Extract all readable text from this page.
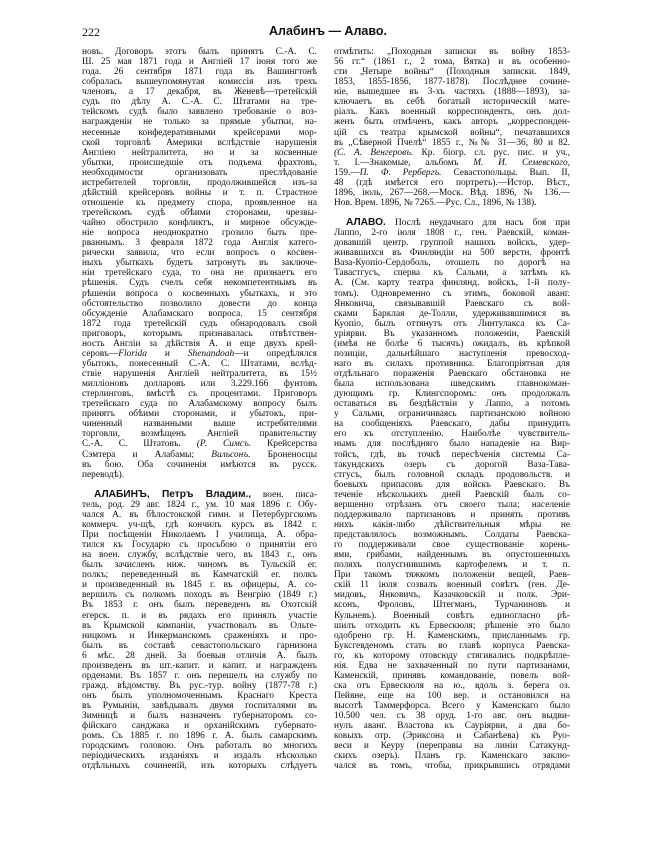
222	Алабинъ — Алаво.
новъ. Договоръ этотъ былъ принятъ С.-А. С.
Ш. 25 мая 1871 года и Англіей 17 іюня того же
года. 26 сентября 1871 года въ Вашингтонѣ
собралась вышеупомянутая комиссія изъ трехъ
членовъ, а 17 декабря, въ Женевѣ—третейскій
судъ по дѣлу А. С.-А. С. Штатами на тре-
тейскомъ судѣ было заявлено требованіе о воз-
награжденіи не только за прямые убытки, на-
несенные конфедеративными крейсерами мор-
ской торговлѣ Америки вслѣдствіе нарушенія
Англіею нейтралитета, но и за косвенные
убытки, происшедшіе отъ подъема фрахтовъ,
необходимости организовать преслѣдованіе
истребителей торговли, продолжившейся изъ-за
дѣйствій крейсеровъ войны и т. п. Страстное
отношеніе къ предмету спора, проявленное на
третейскомъ судѣ обѣими сторонами, чрезвы-
чайно обострило конфликтъ, и мирное обсужде-
ніе вопроса неоднократно грозило быть пре-
рваннымъ. 3 февраля 1872 года Англія катего-
рически заявила, что если вопросъ о косвен-
ныхъ убыткахъ будетъ затронутъ въ заключе-
ніи третейскаго суда, то она не признаетъ его
рѣшенія. Судъ счелъ себя некомпетентнымъ въ
рѣшеніи вопроса о косвенныхъ убыткахъ, и это
обстоятельство позволило довести до конца
обсужденіе Алабамскаго вопроса. 15 сентября
1872 года третейскій судъ обнародовалъ свой
приговоръ, которымъ признавалась отвѣтствен-
ность Англіи за дѣйствія А. и еще двухъ крей-
серовъ—Florida и Shenandoah—и опредѣлялся
убытокъ, понесенный С.-А. С. Штатами, вслѣд-
ствіе нарушенія Англіей нейтралитета, въ 15½
милліоновъ долларовъ или 3.229.166 фунтовъ
стерлинговъ, вмѣстѣ съ процентами. Приговоръ
третейскаго суда по Алабамскому вопросу былъ
принятъ обѣими сторонами, и убытокъ, при-
чиненный названными выше истребителями
торговли, возмѣщенъ Англіей правительству
С.-А. С. Штатовъ. (Р. Симсъ. Крейсерства
Сэмтера и Алабамы; Вильсонъ. Броненосцы
въ бою. Оба сочиненія имѣются въ русск.
переводѣ).
АЛАБИНЪ, Петръ Владим., воен. писа-
тель, род. 29 авг. 1824 г., ум. 10 мая 1896 г. Обу-
чался А. въ бѣлостокской гимн. и Петербургскомъ
коммерч. уч-щѣ, гдѣ кончилъ курсъ въ 1842 г.
При посѣщеніи Николаемъ I училища, А. обра-
тился къ Государю съ просьбою о принятіи его
на воен. службу, вслѣдствіе чего, въ 1843 г., онъ
былъ зачисленъ ниж. чиномъ въ Тульскій ег.
полкъ; переведенный въ Камчатскій ег. полкъ
и произведенный въ 1845 г. въ офицеры, А. со-
вершилъ съ полкомъ походъ въ Венгрію (1849 г.)
Въ 1853 г. онъ былъ переведенъ въ Охотскій
егерск. п. и въ рядахъ его принялъ участіе
въ Крымской кампаніи, участвовалъ въ Ольте-
ницкомъ и Инкерманскомъ сраженіяхъ и про-
былъ въ составѣ севастопольскаго гарнизона
6 мѣс. 28 дней. За боевыя отличія А. былъ
произведенъ въ шт.-капит. и капит. и награжденъ
орденами. Въ 1857 г. онъ перешелъ на службу по
гражд. вѣдомству. Въ рус.-тур. войну (1877-78 г.)
онъ былъ уполномоченнымъ Краснаго Креста
въ Румыніи, завѣдывалъ двумя госпиталями въ
Зимницѣ и былъ назначенъ губернаторомъ со-
фійскаго санджака и орханійскимъ губернато-
ромъ. Съ 1885 г. по 1896 г. А. былъ самарскимъ
городскимъ головою. Онъ работалъ во многихъ
періодическихъ изданіяхъ и издалъ нѣсколько
отдѣльныхъ сочиненій, изъ которыхъ слѣдуетъ
отмѣтить: „Походныя записки въ войну 1853-
56 гг.“ (1861 г., 2 тома, Вятка) и въ особенно-
сти „Четыре войны“ (Походныя записки. 1849,
1853, 1855-1856, 1877-1878). Послѣднее сочине-
ніе, вышедшее въ 3-хъ частяхъ (1888—1893), за-
ключаетъ въ себѣ богатый историческій мате-
ріалъ. Какъ военный корреспондентъ, онъ дол-
женъ быть отмѣченъ, какъ авторъ „корреспонден-
цій съ театра крымской войны“, печатавшихся
въ „Сѣверной Пчелѣ“ 1855 г., №№ 31—36, 80 и 82.
(С. А. Венгеровъ. Кр. біогр. сл. рус. пис. и уч.,
т. I.—Знакомые, альбомъ М. И. Семевскаго,
159.—П. Ф. Рербергъ. Севастопольцы. Вып. II,
48 (гдѣ имѣется его портретъ).—Истор. Вѣст.,
1896, іюль, 267—268.—Моск. Вѣд. 1896, № 136.—
Нов. Врем. 1896, № 7265.—Рус. Сл., 1896, № 138).
АЛАВО. Послѣ неудачнаго для насъ боя при
Лаппо, 2-го іюля 1808 г., ген. Раевскій, коман-
довавшій центр. группой нашихъ войскъ, удер-
живавшихся въ Финляндіи на 500 верстн. фронтѣ
Ваза-Куопіо-Сердоболь, отошелъ по дорогѣ на
Тавастгусъ, сперва къ Сальми, а затѣмъ къ
А. (См. карту театра финлянд. войскъ, 1-й полу-
томъ). Одновременно съ этимъ, боковой аванг.
Янковича, связывавшій Раевскаго съ вой-
сками Барклая де-Толли, удерживавшимися въ
Куопіо, былъ оттянутъ отъ Линтулакса къ Са-
уріярви. Въ указанномъ положеніи, Раевскій
(имѣя не болѣе 6 тысячъ) ожидалъ, въ крѣпкой
позиціи, дальнѣйшаго наступленія превосход-
наго въ силахъ противника. Благопріятная для
отдѣльнаго пораженія Раевскаго обстановка не
была использована шведскимъ главнокоман-
дующимъ гр. Клингспоромъ: онъ продолжалъ
оставаться въ бездѣйствіи у Лаппо, а потомъ
у Сальми, ограничиваясь партизанскою войною
на сообщеніяхъ Раевскаго, дабы принудить
его къ отступленію. Наиболѣе чувствитель-
нымъ для послѣдняго было нападеніе на Вир-
тойсъ, гдѣ, въ точкѣ пересѣченія системы Са-
такундскихъ озеръ съ дорогой Ваза-Тава-
стгусъ, былъ головной складъ продовольств. и
боевыхъ припасовъ для войскъ Раевскаго. Въ
теченіе нѣсколькихъ дней Раевскій былъ со-
вершенно отрѣзанъ отъ своего тыла; населеніе
поддерживало партизановъ и принять противъ
нихъ какія-либо дѣйствительныя мѣры не
представлялось возможнымъ. Солдаты Раевска-
го поддерживали свое существованіе корень-
ями, грибами, найденнымъ въ опустошенныхъ
поляхъ полусгнившимъ картофелемъ и т. п.
При такомъ тяжкомъ положеніи вещей, Раев-
скій 11 іюля созвалъ военный совѣтъ (ген. Де-
мидовъ, Янковичъ, Казачковскій и полк. Эри-
ксонъ, Фроловъ, Штегманъ, Турчаниновъ и
Кульневъ). Военный совѣтъ единогласно рѣ-
шилъ отходить къ Ервескюля; рѣшеніе это было
одобрено гр. Н. Каменскимъ, присланнымъ гр.
Буксгевденомъ стать во главѣ корпуса Раевска-
го, къ которому отовсюду стягивались подкрѣпле-
нія. Едва не захваченный по пути партизанами,
Каменскій, принявъ командованіе, повелъ вой-
ска отъ Ервескюля на ю., вдоль з. берега оз.
Пейяне, еще на 100 вер. и остановился на
высотѣ Таммерфорса. Всего у Каменскаго было
10.500 чел. съ 38 оруд. 1-го авг. онъ выдви-
нулъ аванг. Властова къ Сауріярви, а два бо-
ковыхъ отр. (Эриксона и Сабанѣева) къ Руо-
веси и Кеуру (переправы на линіи Сатакунд-
скихъ озеръ). Планъ гр. Каменскаго заклю-
чался въ томъ, чтобы, прикрывшись отрядами
